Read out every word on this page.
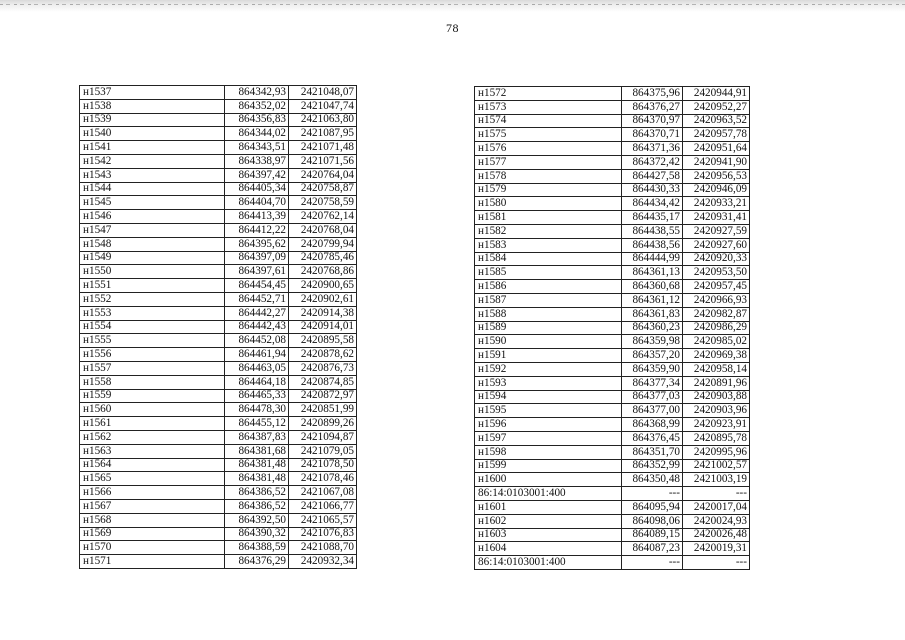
78
н1537	864342,93	2421048,07
н1538	864352,02	2421047,74
н1539	864356,83	2421063,80
н1540	864344,02	2421087,95
н1541	864343,51	2421071,48
н1542	864338,97	2421071,56
н1543	864397,42	2420764,04
н1544	864405,34	2420758,87
н1545	864404,70	2420758,59
н1546	864413,39	2420762,14
н1547	864412,22	2420768,04
н1548	864395,62	2420799,94
н1549	864397,09	2420785,46
н1550	864397,61	2420768,86
н1551	864454,45	2420900,65
н1552	864452,71	2420902,61
н1553	864442,27	2420914,38
н1554	864442,43	2420914,01
н1555	864452,08	2420895,58
н1556	864461,94	2420878,62
н1557	864463,05	2420876,73
н1558	864464,18	2420874,85
н1559	864465,33	2420872,97
н1560	864478,30	2420851,99
н1561	864455,12	2420899,26
н1562	864387,83	2421094,87
н1563	864381,68	2421079,05
н1564	864381,48	2421078,50
н1565	864381,48	2421078,46
н1566	864386,52	2421067,08
н1567	864386,52	2421066,77
н1568	864392,50	2421065,57
н1569	864390,32	2421076,83
н1570	864388,59	2421088,70
н1571	864376,29	2420932,34
н1572	864375,96	2420944,91
н1573	864376,27	2420952,27
н1574	864370,97	2420963,52
н1575	864370,71	2420957,78
н1576	864371,36	2420951,64
н1577	864372,42	2420941,90
н1578	864427,58	2420956,53
н1579	864430,33	2420946,09
н1580	864434,42	2420933,21
н1581	864435,17	2420931,41
н1582	864438,55	2420927,59
н1583	864438,56	2420927,60
н1584	864444,99	2420920,33
н1585	864361,13	2420953,50
н1586	864360,68	2420957,45
н1587	864361,12	2420966,93
н1588	864361,83	2420982,87
н1589	864360,23	2420986,29
н1590	864359,98	2420985,02
н1591	864357,20	2420969,38
н1592	864359,90	2420958,14
н1593	864377,34	2420891,96
н1594	864377,03	2420903,88
н1595	864377,00	2420903,96
н1596	864368,99	2420923,91
н1597	864376,45	2420895,78
н1598	864351,70	2420995,96
н1599	864352,99	2421002,57
н1600	864350,48	2421003,19
86:14:0103001:400	---	---
н1601	864095,94	2420017,04
н1602	864098,06	2420024,93
н1603	864089,15	2420026,48
н1604	864087,23	2420019,31
86:14:0103001:400	---	---
